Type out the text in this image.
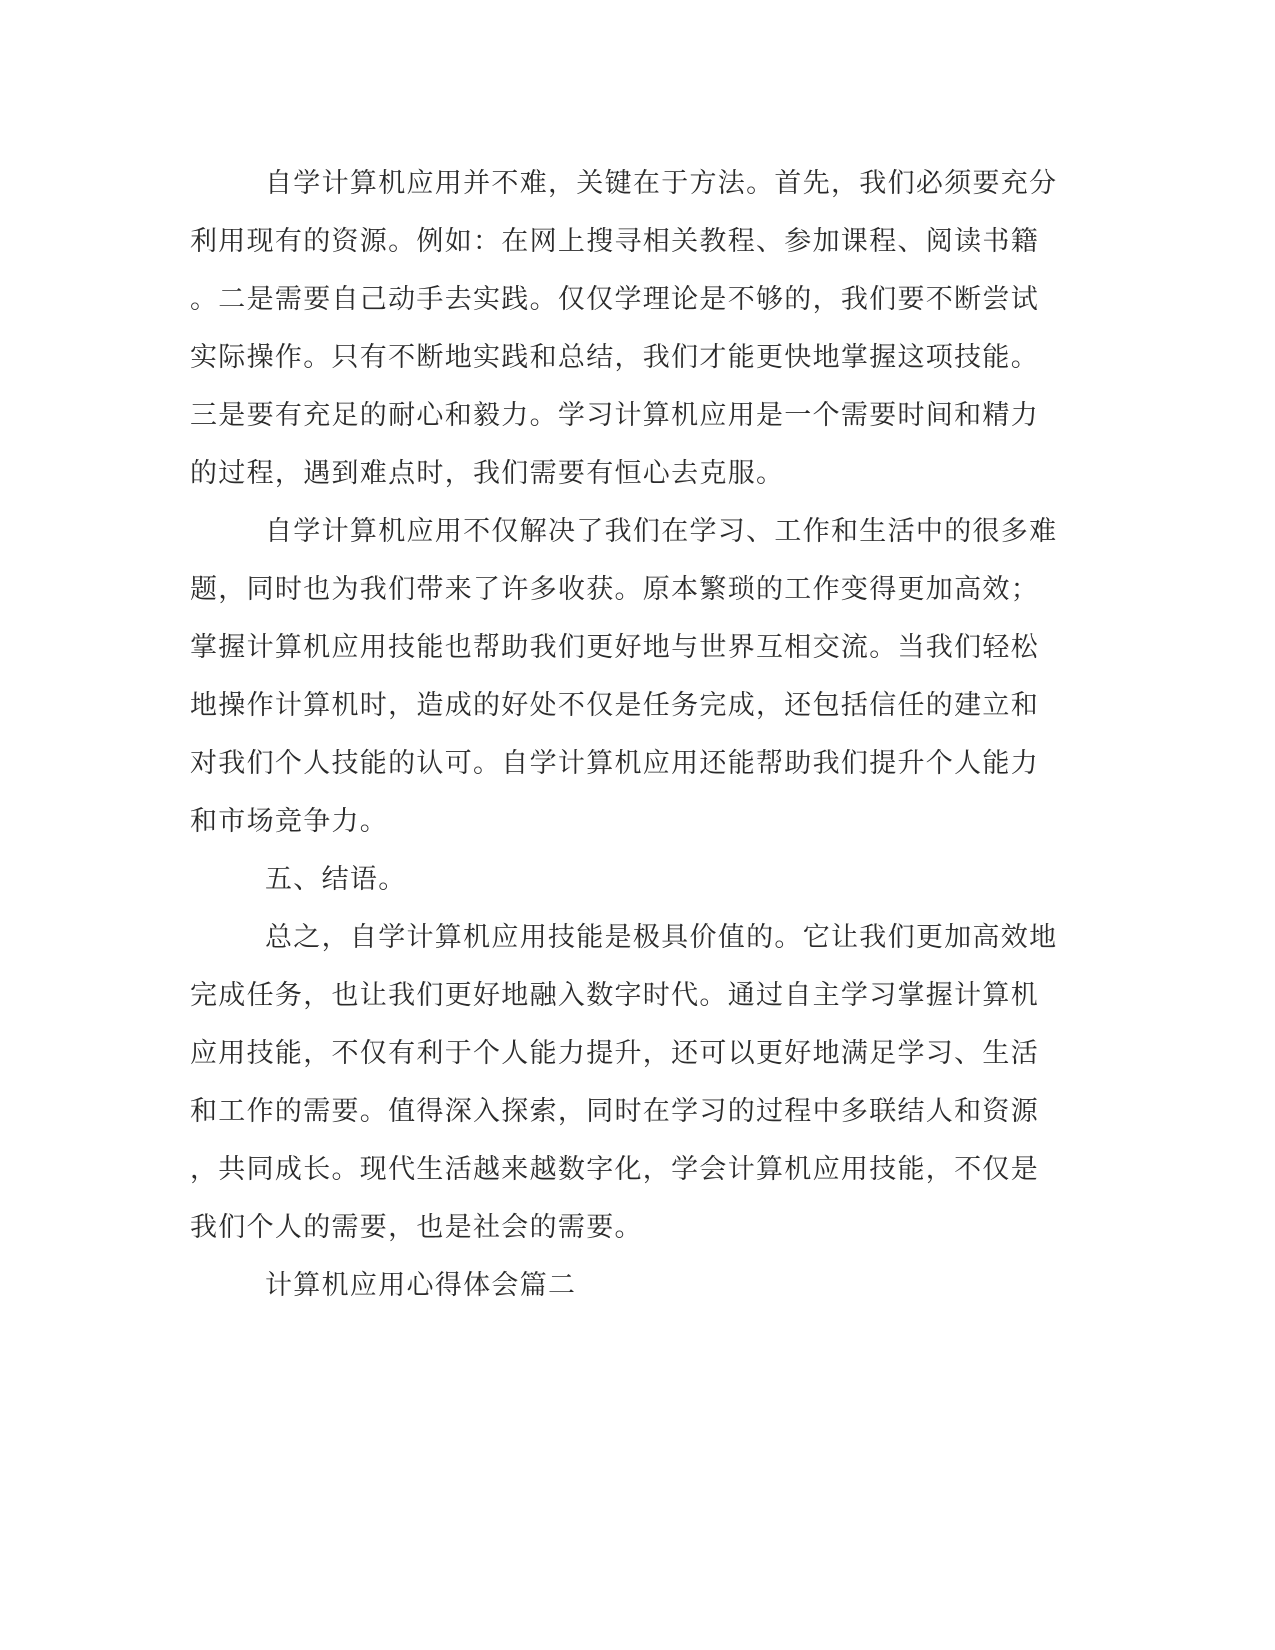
自学计算机应用并不难，关键在于方法。首先，我们必须要充分

利用现有的资源。例如：在网上搜寻相关教程、参加课程、阅读书籍

。二是需要自己动手去实践。仅仅学理论是不够的，我们要不断尝试

实际操作。只有不断地实践和总结，我们才能更快地掌握这项技能。

三是要有充足的耐心和毅力。学习计算机应用是一个需要时间和精力

的过程，遇到难点时，我们需要有恒心去克服。

自学计算机应用不仅解决了我们在学习、工作和生活中的很多难

题，同时也为我们带来了许多收获。原本繁琐的工作变得更加高效；

掌握计算机应用技能也帮助我们更好地与世界互相交流。当我们轻松

地操作计算机时，造成的好处不仅是任务完成，还包括信任的建立和

对我们个人技能的认可。自学计算机应用还能帮助我们提升个人能力

和市场竞争力。

五、结语。

总之，自学计算机应用技能是极具价值的。它让我们更加高效地

完成任务，也让我们更好地融入数字时代。通过自主学习掌握计算机

应用技能，不仅有利于个人能力提升，还可以更好地满足学习、生活

和工作的需要。值得深入探索，同时在学习的过程中多联结人和资源

，共同成长。现代生活越来越数字化，学会计算机应用技能，不仅是

我们个人的需要，也是社会的需要。

计算机应用心得体会篇二
